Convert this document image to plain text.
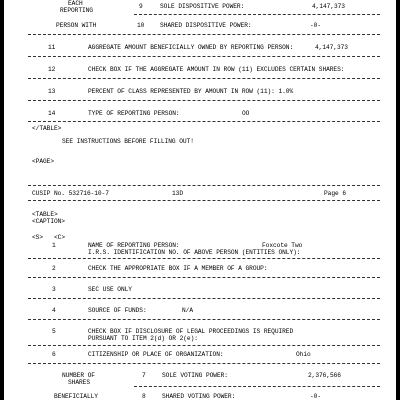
EACH
REPORTING
9	SOLE DISPOSITIVE POWER:	4,147,373
PERSON WITH	10	SHARED DISPOSITIVE POWER:	-0-
11	AGGREGATE AMOUNT BENEFICIALLY OWNED BY REPORTING PERSON:	4,147,373
12	CHECK BOX IF THE AGGREGATE AMOUNT IN ROW (11) EXCLUDES CERTAIN SHARES:
13	PERCENT OF CLASS REPRESENTED BY AMOUNT IN ROW (11): 1.0%
14	TYPE OF REPORTING PERSON:	OO
</TABLE>
SEE INSTRUCTIONS BEFORE FILLING OUT!
<PAGE>
CUSIP No. 532716-10-7	13D	Page 6
<TABLE>
<CAPTION>
<S> <C>
1	NAME OF REPORTING PERSON:	Foxcote Two
I.R.S. IDENTIFICATION NO. OF ABOVE PERSON (ENTITIES ONLY):
2	CHECK THE APPROPRIATE BOX IF A MEMBER OF A GROUP:
3	SEC USE ONLY
4	SOURCE OF FUNDS:	N/A
5	CHECK BOX IF DISCLOSURE OF LEGAL PROCEEDINGS IS REQUIRED
PURSUANT TO ITEM 2(d) OR 2(e):
6	CITIZENSHIP OR PLACE OF ORGANIZATION:	Ohio
NUMBER OF
SHARES
7	SOLE VOTING POWER:	2,376,566
BENEFICIALLY	8	SHARED VOTING POWER:	-0-
